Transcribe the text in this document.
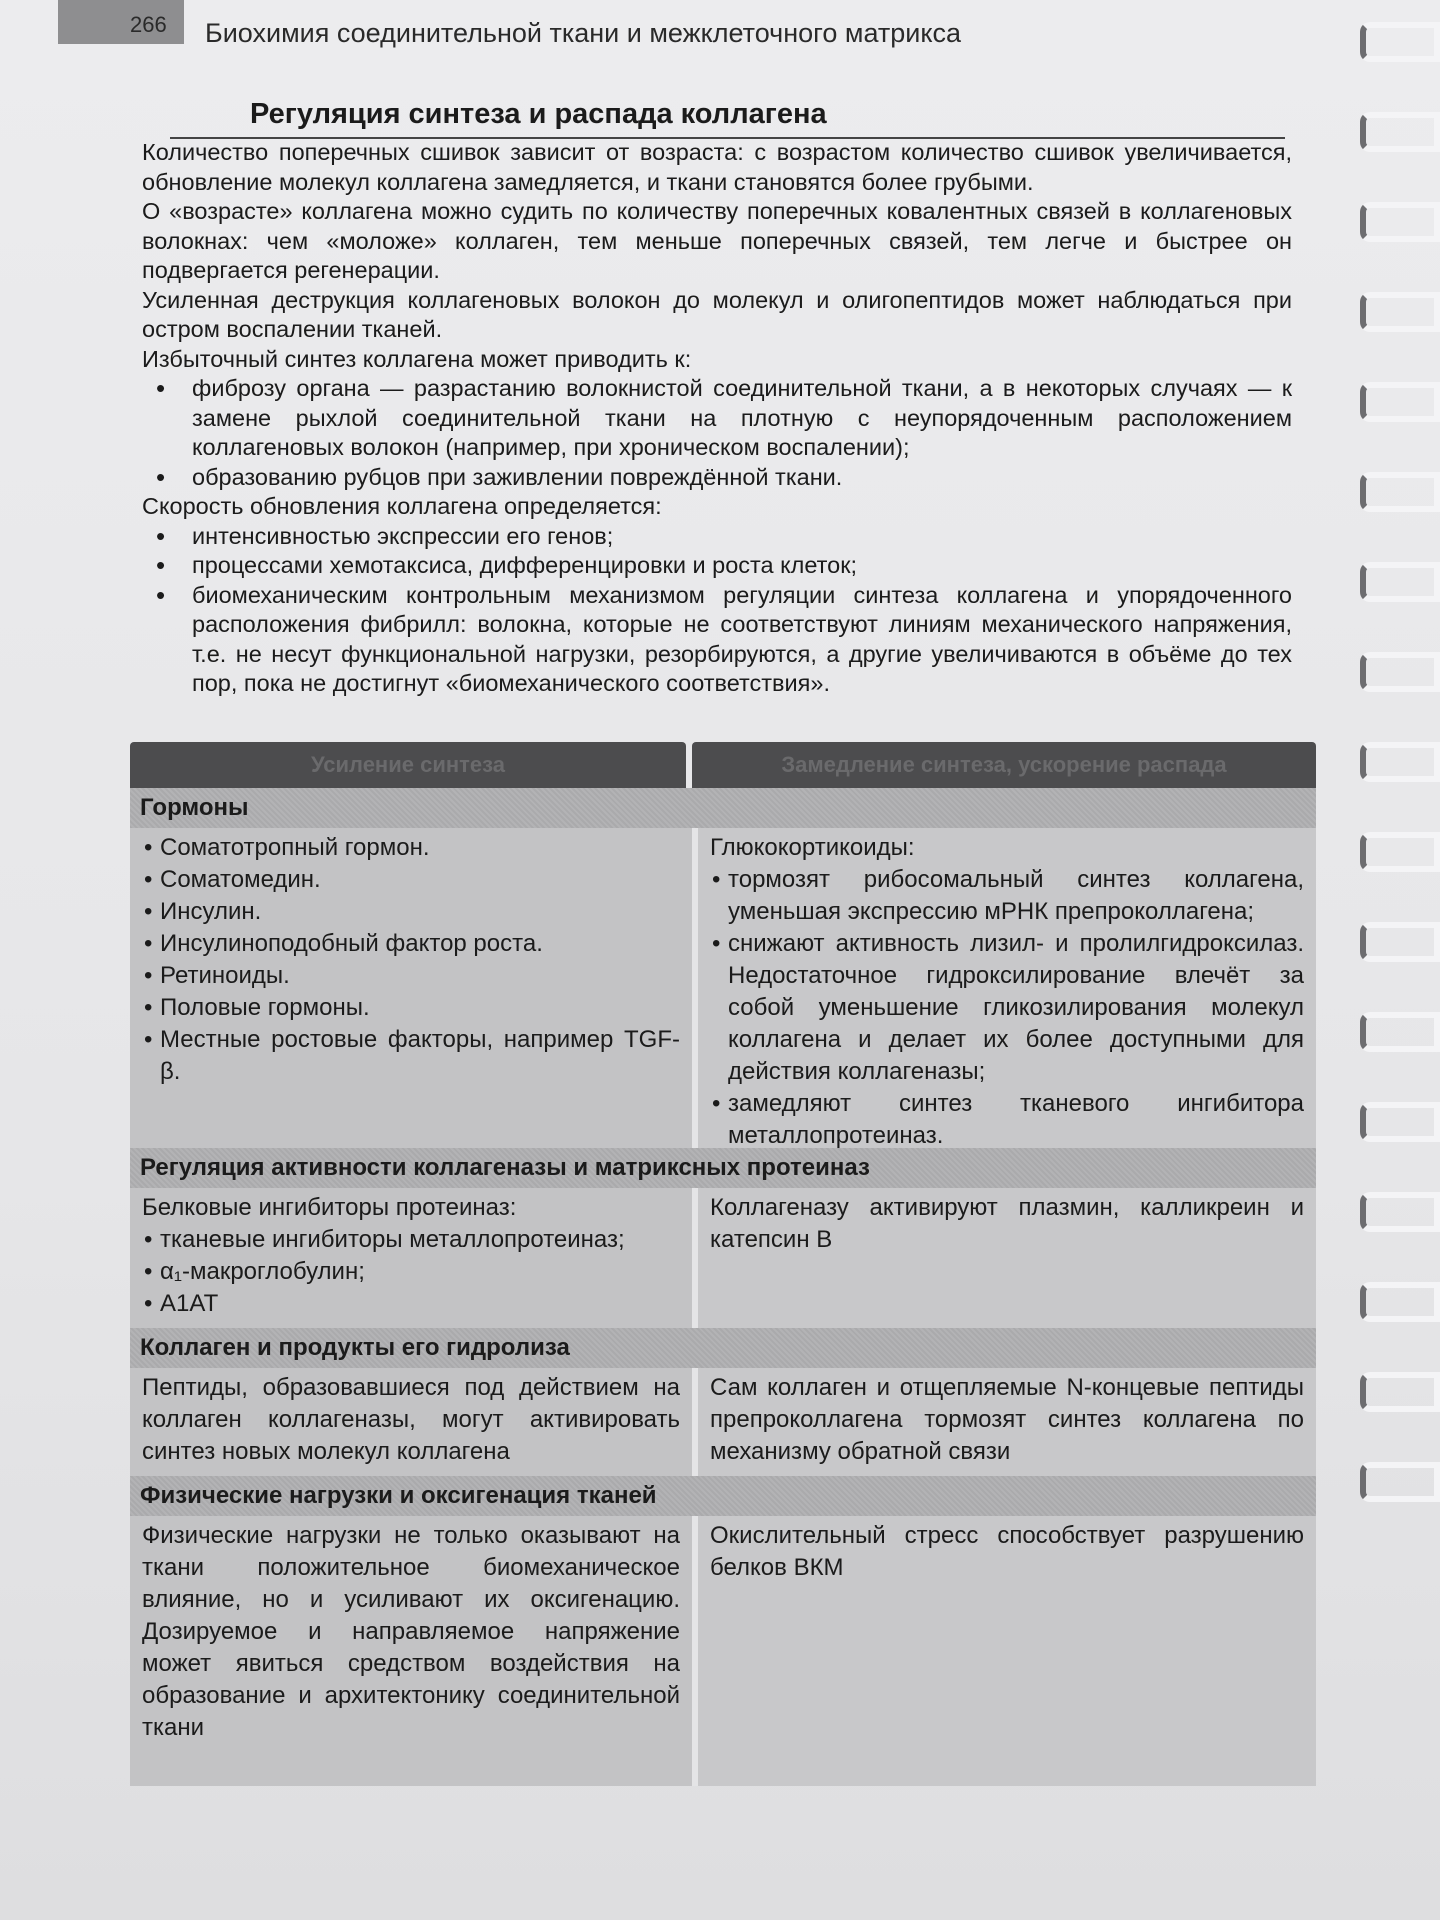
266 Биохимия соединительной ткани и межклеточного матрикса
Регуляция синтеза и распада коллагена

Количество поперечных сшивок зависит от возраста: с возрастом количество сшивок увеличивается, обновление молекул коллагена замедляется, и ткани становятся более грубыми.

О «возрасте» коллагена можно судить по количеству поперечных ковалентных связей в коллагеновых волокнах: чем «моложе» коллаген, тем меньше поперечных связей, тем легче и быстрее он подвергается регенерации.

Усиленная деструкция коллагеновых волокон до молекул и олигопептидов может наблюдаться при остром воспалении тканей.

Избыточный синтез коллагена может приводить к:

• фиброзу органа — разрастанию волокнистой соединительной ткани, а в некоторых случаях — к замене рыхлой соединительной ткани на плотную с неупорядоченным расположением коллагеновых волокон (например, при хроническом воспалении);
• образованию рубцов при заживлении повреждённой ткани.

Скорость обновления коллагена определяется:

• интенсивностью экспрессии его генов;
• процессами хемотаксиса, дифференцировки и роста клеток;
• биомеханическим контрольным механизмом регуляции синтеза коллагена и упорядоченного расположения фибрилл: волокна, которые не соответствуют линиям механического напряжения, т.е. не несут функциональной нагрузки, резорбируются, а другие увеличиваются в объёме до тех пор, пока не достигнут «биомеханического соответствия».
Усиление синтеза	Замедление синтеза, ускорение распада
Гормоны
• Соматотропный гормон.
• Соматомедин.
• Инсулин.
• Инсулиноподобный фактор роста.
• Ретиноиды.
• Половые гормоны.
• Местные ростовые факторы, например TGF-β.

Глюкокортикоиды:

• тормозят рибосомальный синтез коллагена, уменьшая экспрессию мРНК препроколлагена;
• снижают активность лизил- и пролилгидроксилаз. Недостаточное гидроксилирование влечёт за собой уменьшение гликозилирования молекул коллагена и делает их более доступными для действия коллагеназы;
• замедляют синтез тканевого ингибитора металлопротеиназ.
Регуляция активности коллагеназы и матриксных протеиназ

Белковые ингибиторы протеиназ:

• тканевые ингибиторы металлопротеиназ;
• α₁-макроглобулин;
• A1AT

Коллагеназу активируют плазмин, калликреин и катепсин В

Коллаген и продукты его гидролиза

Пептиды, образовавшиеся под действием на коллаген коллагеназы, могут активировать синтез новых молекул коллагена

Сам коллаген и отщепляемые N-концевые пептиды препроколлагена тормозят синтез коллагена по механизму обратной связи

Физические нагрузки и оксигенация тканей

Физические нагрузки не только оказывают на ткани положительное биомеханическое влияние, но и усиливают их оксигенацию. Дозируемое и направляемое напряжение может явиться средством воздействия на образование и архитектонику соединительной ткани

Окислительный стресс способствует разрушению белков ВКМ
